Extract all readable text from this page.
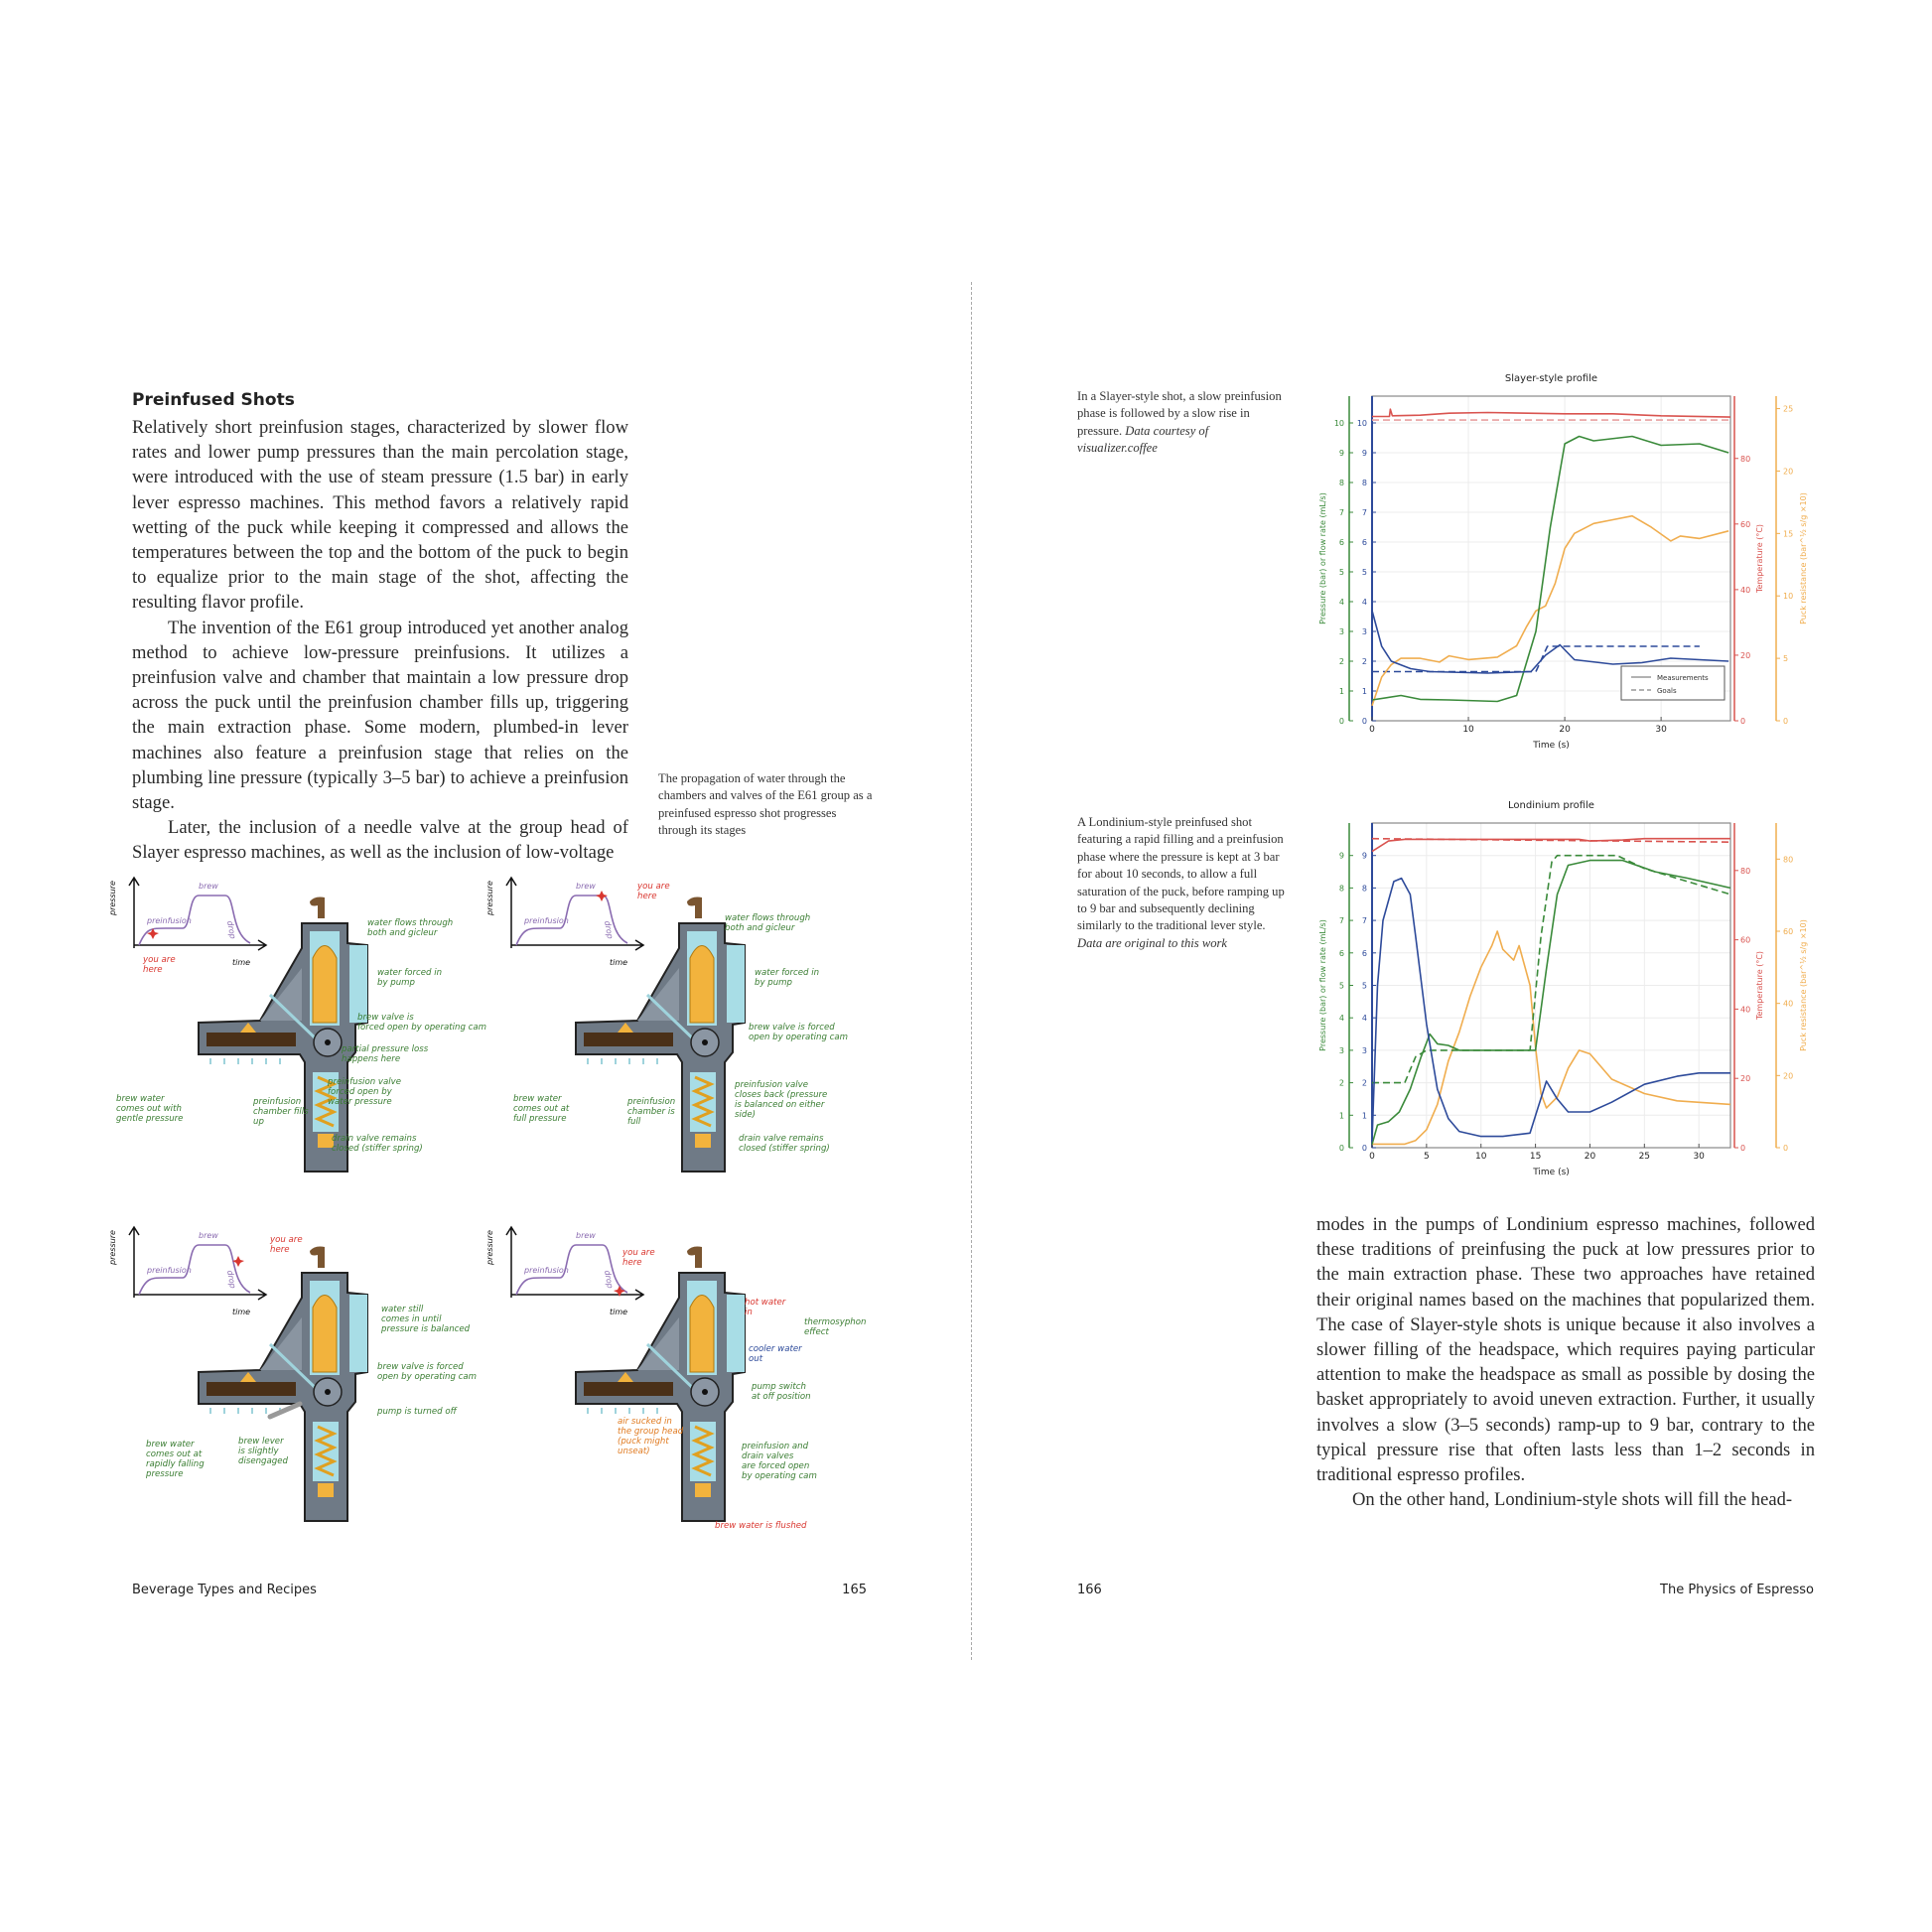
Preinfused Shots

Relatively short preinfusion stages, characterized by slower flow rates and lower pump pressures than the main percolation stage, were introduced with the use of steam pressure (1.5 bar) in early lever espresso machines. This method favors a relatively rapid wetting of the puck while keeping it compressed and allows the temperatures between the top and the bottom of the puck to begin to equalize prior to the main stage of the shot, affecting the resulting flavor profile.

The invention of the E61 group introduced yet another analog method to achieve low-pressure preinfusions. It utilizes a preinfusion valve and chamber that maintain a low pressure drop across the puck until the preinfusion chamber fills up, triggering the main extraction phase. Some modern, plumbed-in lever machines also feature a preinfusion stage that relies on the plumbing line pressure (typically 3–5 bar) to achieve a preinfusion stage.

Later, the inclusion of a needle valve at the group head of Slayer espresso machines, as well as the inclusion of low-voltage

The propagation of water through the chambers and valves of the E61 group as a preinfused espresso shot progresses through its stages
pressure
time
preinfusion
brew
drop
you are
here
water flows through
both and gicleur
water forced in
by pump
brew valve is
forced open by operating cam
partial pressure loss
happens here
preinfusion valve
forced open by
water pressure
drain valve remains
closed (stiffer spring)
preinfusion
chamber fills
up
brew water
comes out with
gentle pressure
pressure
time
preinfusion
brew
drop
you are
here
water flows through
both and gicleur
water forced in
by pump
brew valve is forced
open by operating cam
preinfusion valve
closes back (pressure
is balanced on either
side)
drain valve remains
closed (stiffer spring)
preinfusion
chamber is
full
brew water
comes out at
full pressure
pressure
time
preinfusion
brew
drop
you are
here
water still
comes in until
pressure is balanced
brew valve is forced
open by operating cam
pump is turned off
brew lever
is slightly
disengaged
brew water
comes out at
rapidly falling
pressure
pressure
time
preinfusion
brew
drop
you are
here
hot water
in
thermosyphon
effect
cooler water
out
pump switch
at off position
preinfusion and
drain valves
are forced open
by operating cam
air sucked in
the group head
(puck might
unseat)
brew water is flushed
Beverage Types and Recipes	165
In a Slayer-style shot, a slow preinfusion phase is followed by a slow rise in pressure. Data courtesy of visualizer.coffee
A Londinium-style preinfused shot featuring a rapid filling and a preinfusion phase where the pressure is kept at 3 bar for about 10 seconds, to allow a full saturation of the puck, before ramping up to 9 bar and subsequently declining similarly to the traditional lever style. Data are original to this work
Slayer-style profile
0 0
1 1
2 2
3 3
4 4
5 5
6 6
7 7
8 8
9 9
10 10
0
20
40
60
80
0
5
10
15
20
25
0	10	20	30
Time (s)
Pressure (bar) or flow rate (mL/s)	Temperature (°C)	Puck resistance (bar^½ s/g ×10)
Measurements
Goals
Londinium profile
0 0
1 1
2 2
3 3
4 4
5 5
6 6
7 7
8 8
9 9
0
20
40
60
80
0
20
40
60
80
0	5	10	15	20	25	30
Time (s)
Pressure (bar) or flow rate (mL/s)	Temperature (°C)	Puck resistance (bar^½ s/g ×10)

modes in the pumps of Londinium espresso machines, followed these traditions of preinfusing the puck at low pressures prior to the main extraction phase. These two approaches have retained their original names based on the machines that popularized them. The case of Slayer-style shots is unique because it also involves a slower filling of the headspace, which requires paying particular attention to make the headspace as small as possible by dosing the basket appropriately to avoid uneven extraction. Further, it usually involves a slow (3–5 seconds) ramp-up to 9 bar, contrary to the typical pressure rise that often lasts less than 1–2 seconds in traditional espresso profiles.

On the other hand, Londinium-style shots will fill the head-

166	The Physics of Espresso
